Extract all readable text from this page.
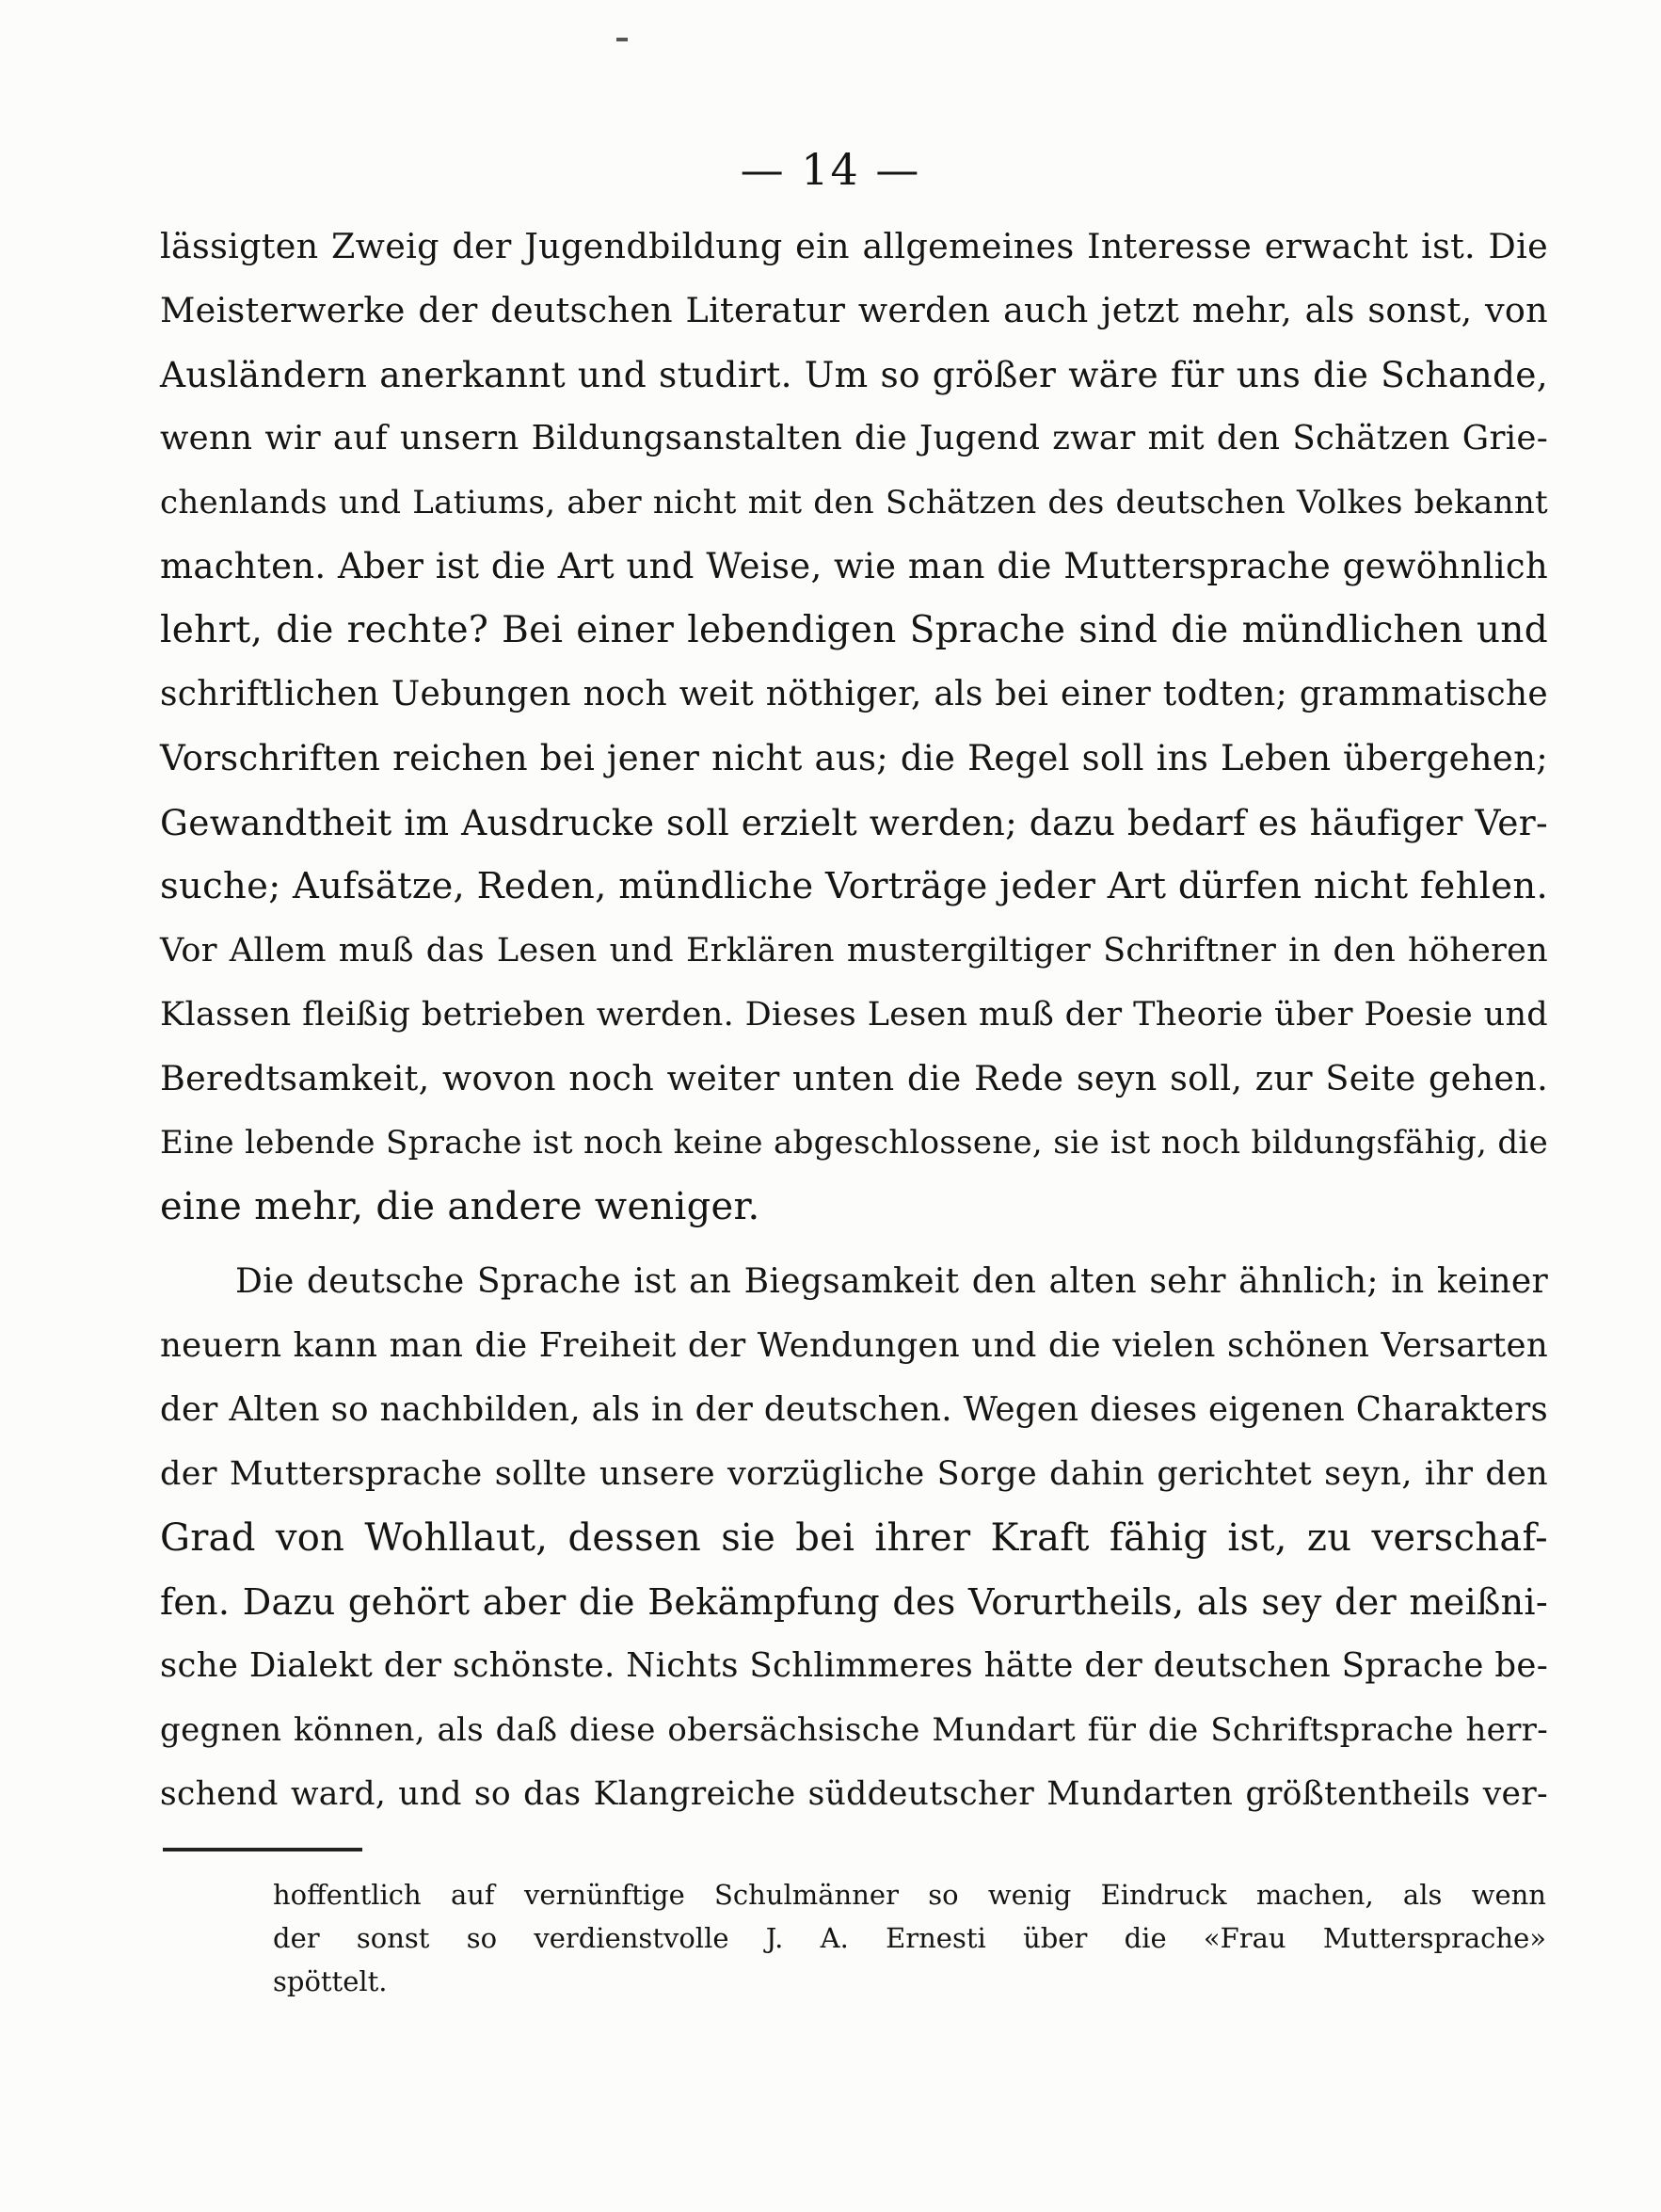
— 14 —
lässigten Zweig der Jugendbildung ein allgemeines Interesse erwacht ist. Die
Meisterwerke der deutschen Literatur werden auch jetzt mehr, als sonst, von
Ausländern anerkannt und studirt. Um so größer wäre für uns die Schande,
wenn wir auf unsern Bildungsanstalten die Jugend zwar mit den Schätzen Grie-
chenlands und Latiums, aber nicht mit den Schätzen des deutschen Volkes bekannt
machten. Aber ist die Art und Weise, wie man die Muttersprache gewöhnlich
lehrt, die rechte? Bei einer lebendigen Sprache sind die mündlichen und
schriftlichen Uebungen noch weit nöthiger, als bei einer todten; grammatische
Vorschriften reichen bei jener nicht aus; die Regel soll ins Leben übergehen;
Gewandtheit im Ausdrucke soll erzielt werden; dazu bedarf es häufiger Ver-
suche; Aufsätze, Reden, mündliche Vorträge jeder Art dürfen nicht fehlen.
Vor Allem muß das Lesen und Erklären mustergiltiger Schriftner in den höheren
Klassen fleißig betrieben werden. Dieses Lesen muß der Theorie über Poesie und
Beredtsamkeit, wovon noch weiter unten die Rede seyn soll, zur Seite gehen.
Eine lebende Sprache ist noch keine abgeschlossene, sie ist noch bildungsfähig, die
eine mehr, die andere weniger.
Die deutsche Sprache ist an Biegsamkeit den alten sehr ähnlich; in keiner
neuern kann man die Freiheit der Wendungen und die vielen schönen Versarten
der Alten so nachbilden, als in der deutschen. Wegen dieses eigenen Charakters
der Muttersprache sollte unsere vorzügliche Sorge dahin gerichtet seyn, ihr den
Grad von Wohllaut, dessen sie bei ihrer Kraft fähig ist, zu verschaf-
fen. Dazu gehört aber die Bekämpfung des Vorurtheils, als sey der meißni-
sche Dialekt der schönste. Nichts Schlimmeres hätte der deutschen Sprache be-
gegnen können, als daß diese obersächsische Mundart für die Schriftsprache herr-
schend ward, und so das Klangreiche süddeutscher Mundarten größtentheils ver-
hoffentlich auf vernünftige Schulmänner so wenig Eindruck machen, als wenn
der sonst so verdienstvolle J. A. Ernesti über die «Frau Muttersprache»
spöttelt.
